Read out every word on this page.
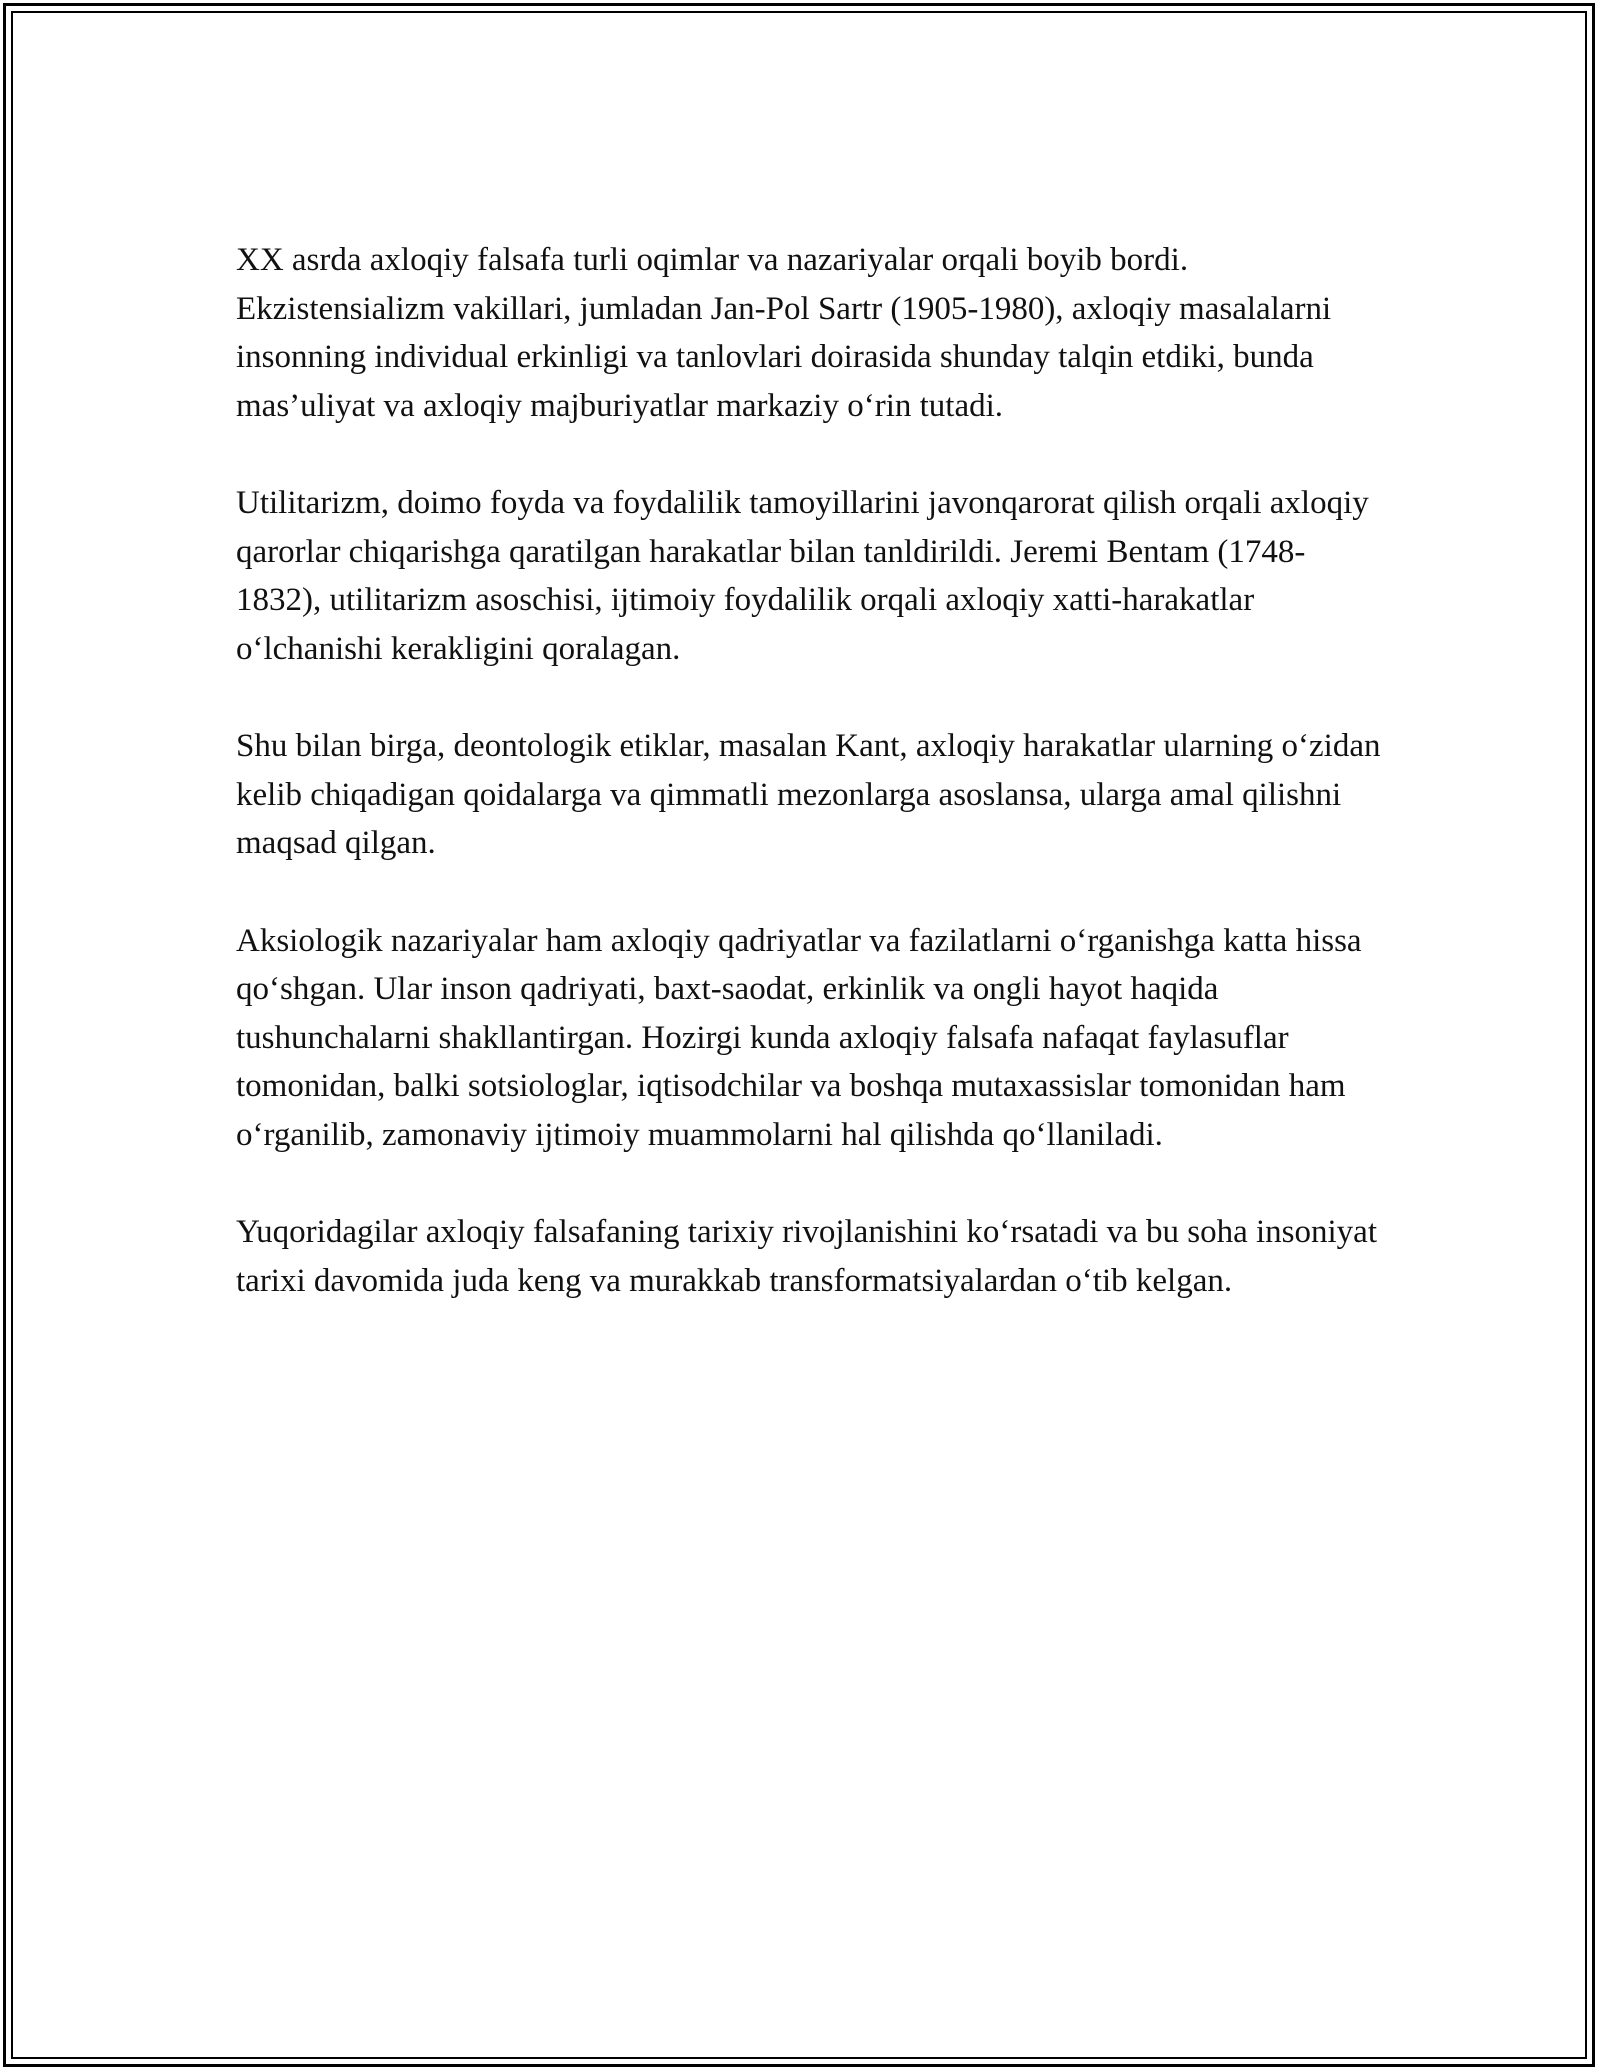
XX asrda axloqiy falsafa turli oqimlar va nazariyalar orqali boyib bordi. Ekzistensializm vakillari, jumladan Jan-Pol Sartr (1905-1980), axloqiy masalalarni insonning individual erkinligi va tanlovlari doirasida shunday talqin etdiki, bunda mas’uliyat va axloqiy majburiyatlar markaziy o‘rin tutadi.

Utilitarizm, doimo foyda va foydalilik tamoyillarini javonqarorat qilish orqali axloqiy qarorlar chiqarishga qaratilgan harakatlar bilan tanldirildi. Jeremi Bentam (1748-1832), utilitarizm asoschisi, ijtimoiy foydalilik orqali axloqiy xatti-harakatlar o‘lchanishi kerakligini qoralagan.

Shu bilan birga, deontologik etiklar, masalan Kant, axloqiy harakatlar ularning o‘zidan kelib chiqadigan qoidalarga va qimmatli mezonlarga asoslansa, ularga amal qilishni maqsad qilgan.

Aksiologik nazariyalar ham axloqiy qadriyatlar va fazilatlarni o‘rganishga katta hissa qo‘shgan. Ular inson qadriyati, baxt-saodat, erkinlik va ongli hayot haqida tushunchalarni shakllantirgan. Hozirgi kunda axloqiy falsafa nafaqat faylasuflar tomonidan, balki sotsiologlar, iqtisodchilar va boshqa mutaxassislar tomonidan ham o‘rganilib, zamonaviy ijtimoiy muammolarni hal qilishda qo‘llaniladi.

Yuqoridagilar axloqiy falsafaning tarixiy rivojlanishini ko‘rsatadi va bu soha insoniyat tarixi davomida juda keng va murakkab transformatsiyalardan o‘tib kelgan.
